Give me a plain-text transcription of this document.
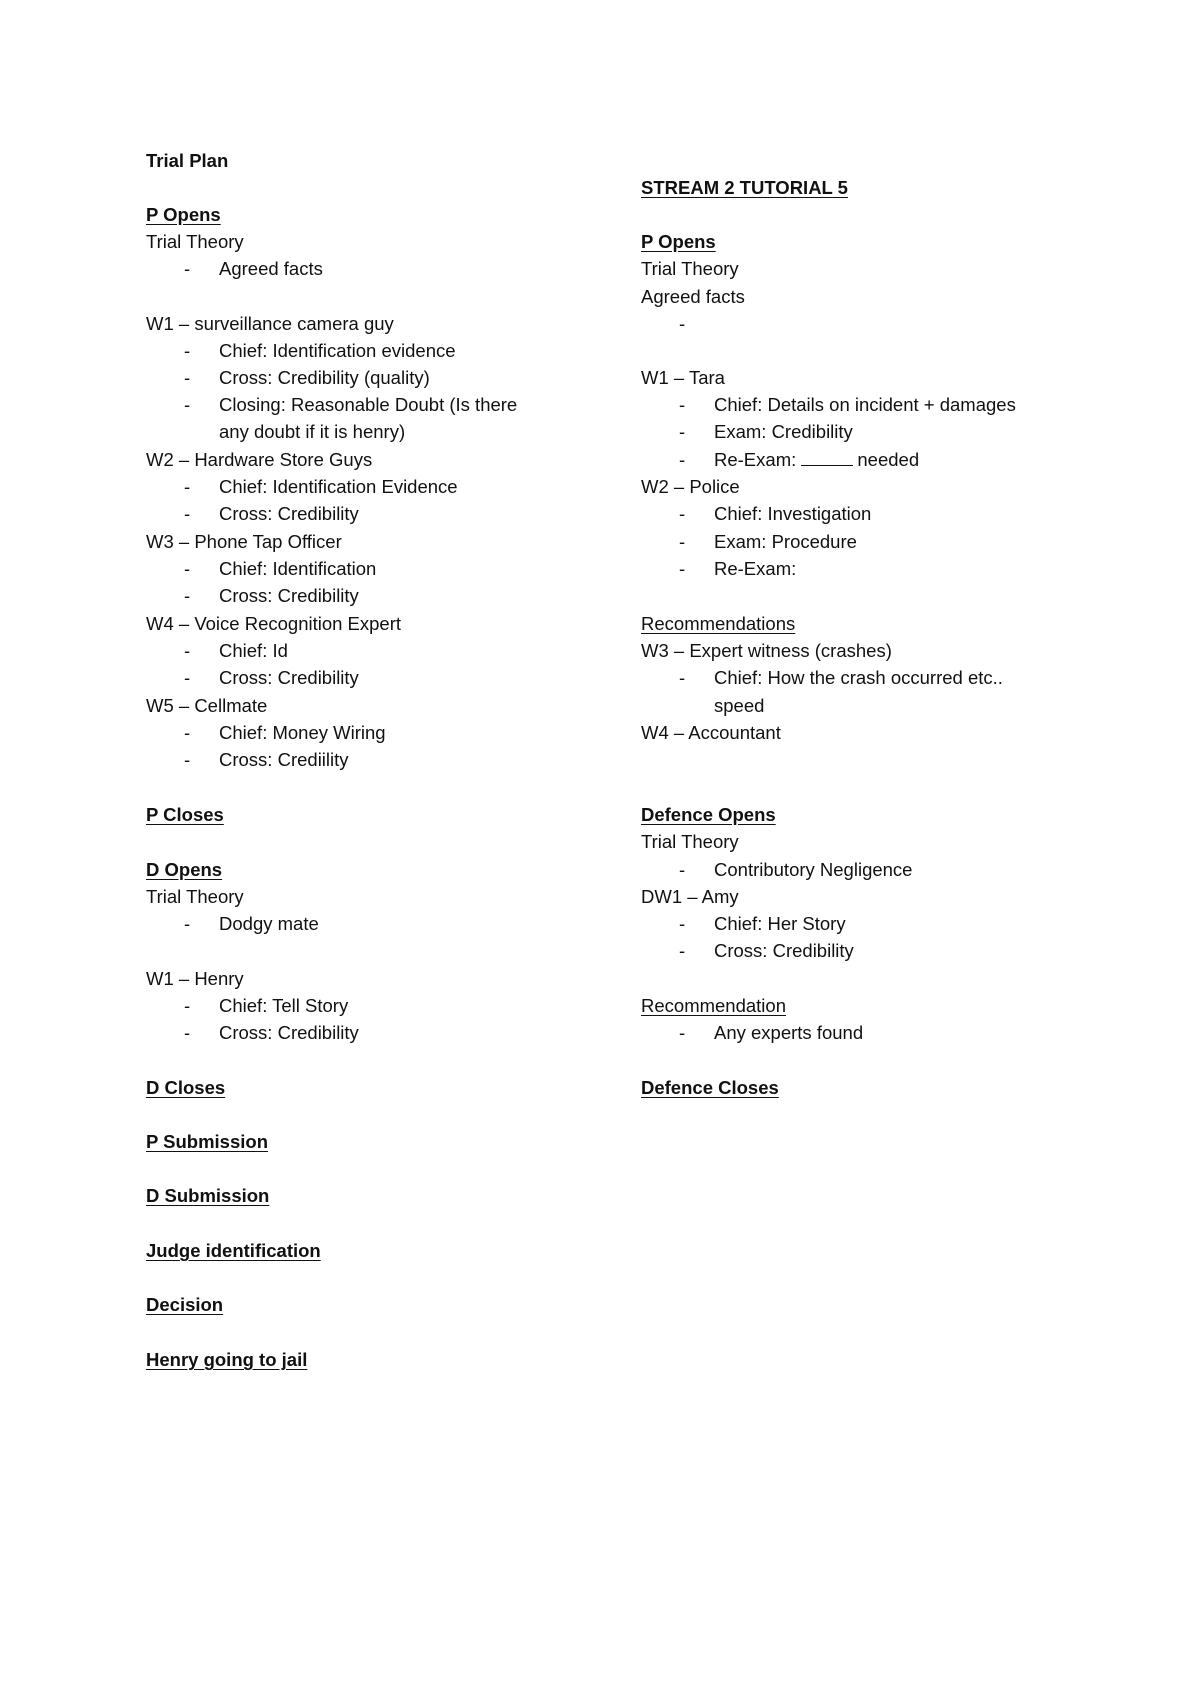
Trial Plan
P Opens
Trial Theory
- Agreed facts
W1 – surveillance camera guy
- Chief: Identification evidence
- Cross: Credibility (quality)
- Closing: Reasonable Doubt (Is there
any doubt if it is henry)
W2 – Hardware Store Guys
- Chief: Identification Evidence
- Cross: Credibility
W3 – Phone Tap Officer
- Chief: Identification
- Cross: Credibility
W4 – Voice Recognition Expert
- Chief: Id
- Cross: Credibility
W5 – Cellmate
- Chief: Money Wiring
- Cross: Crediility
P Closes
D Opens
Trial Theory
- Dodgy mate
W1 – Henry
- Chief: Tell Story
- Cross: Credibility
D Closes
P Submission
D Submission
Judge identification
Decision
Henry going to jail
STREAM 2 TUTORIAL 5
P Opens
Trial Theory
Agreed facts
-
W1 – Tara
- Chief: Details on incident + damages
- Exam: Credibility
- Re-Exam:	needed
W2 – Police
- Chief: Investigation
- Exam: Procedure
- Re-Exam:
Recommendations
W3 – Expert witness (crashes)
- Chief: How the crash occurred etc..
speed
W4 – Accountant
Defence Opens
Trial Theory
- Contributory Negligence
DW1 – Amy
- Chief: Her Story
- Cross: Credibility
Recommendation
- Any experts found
Defence Closes
